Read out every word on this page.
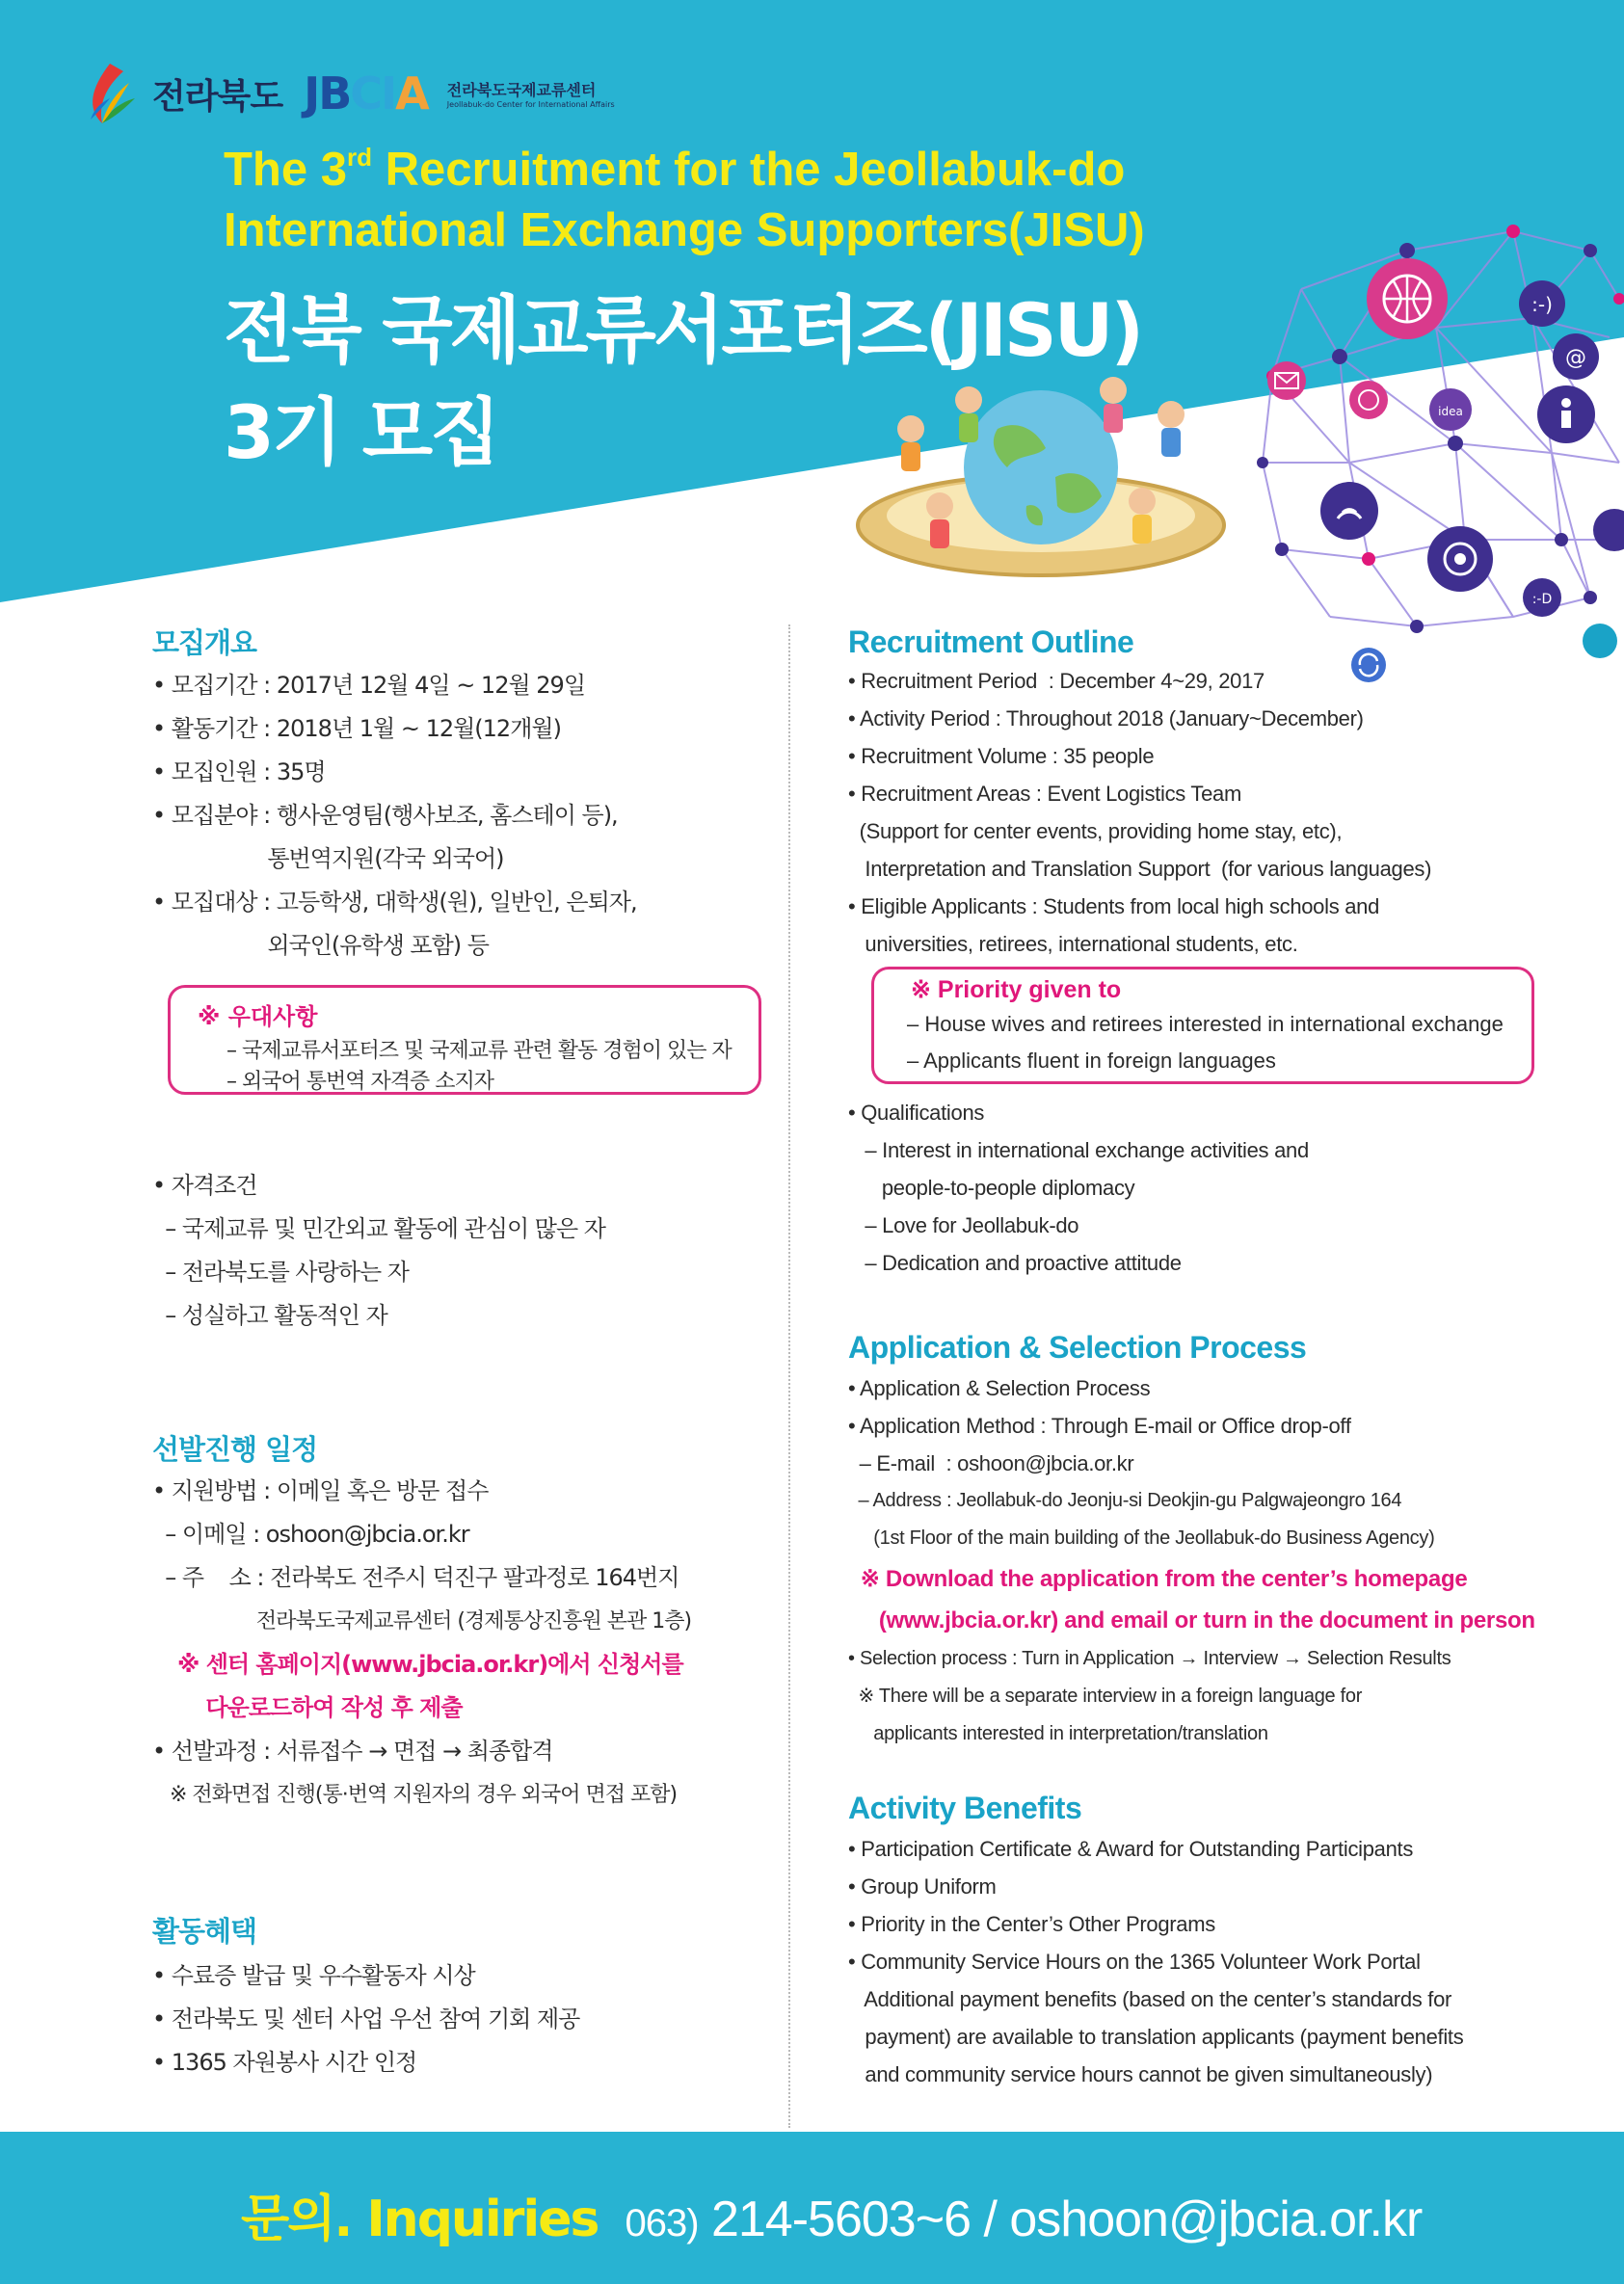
전라북도 JBCIA 전라북도국제교류센터
Jeollabuk-do Center for International Affairs
The 3rd Recruitment for the Jeollabuk-do
International Exchange Supporters(JISU)
전북 국제교류서포터즈(JISU)
3기 모집
:-)
@
idea
:-D
모집개요
• 모집기간 : 2017년 12월 4일 ~ 12월 29일
• 활동기간 : 2018년 1월 ~ 12월(12개월)
• 모집인원 : 35명
• 모집분야 : 행사운영팀(행사보조, 홈스테이 등),
통번역지원(각국 외국어)
• 모집대상 : 고등학생, 대학생(원), 일반인, 은퇴자,
외국인(유학생 포함) 등
※ 우대사항
– 국제교류서포터즈 및 국제교류 관련 활동 경험이 있는 자
– 외국어 통번역 자격증 소지자
• 자격조건
– 국제교류 및 민간외교 활동에 관심이 많은 자
– 전라북도를 사랑하는 자
– 성실하고 활동적인 자
선발진행 일정
• 지원방법 : 이메일 혹은 방문 접수
– 이메일 : oshoon@jbcia.or.kr
– 주    소 : 전라북도 전주시 덕진구 팔과정로 164번지
전라북도국제교류센터 (경제통상진흥원 본관 1층)
※ 센터 홈페이지(www.jbcia.or.kr)에서 신청서를
다운로드하여 작성 후 제출
• 선발과정 : 서류접수 → 면접 → 최종합격
※ 전화면접 진행(통·번역 지원자의 경우 외국어 면접 포함)
활동혜택
• 수료증 발급 및 우수활동자 시상
• 전라북도 및 센터 사업 우선 참여 기회 제공
• 1365 자원봉사 시간 인정
Recruitment Outline
• Recruitment Period  : December 4~29, 2017
• Activity Period : Throughout 2018 (January~December)
• Recruitment Volume : 35 people
• Recruitment Areas : Event Logistics Team
(Support for center events, providing home stay, etc),
Interpretation and Translation Support  (for various languages)
• Eligible Applicants : Students from local high schools and
universities, retirees, international students, etc.
※ Priority given to
– House wives and retirees interested in international exchange
– Applicants fluent in foreign languages
• Qualifications
– Interest in international exchange activities and
people-to-people diplomacy
– Love for Jeollabuk-do
– Dedication and proactive attitude
Application & Selection Process
• Application & Selection Process
• Application Method : Through E-mail or Office drop-off
– E-mail  : oshoon@jbcia.or.kr
– Address : Jeollabuk-do Jeonju-si Deokjin-gu Palgwajeongro 164
(1st Floor of the main building of the Jeollabuk-do Business Agency)
※ Download the application from the center’s homepage
(www.jbcia.or.kr) and email or turn in the document in person
• Selection process : Turn in Application → Interview → Selection Results
※ There will be a separate interview in a foreign language for
applicants interested in interpretation/translation
Activity Benefits
• Participation Certificate & Award for Outstanding Participants
• Group Uniform
• Priority in the Center’s Other Programs
• Community Service Hours on the 1365 Volunteer Work Portal
Additional payment benefits (based on the center’s standards for
payment) are available to translation applicants (payment benefits
and community service hours cannot be given simultaneously)
문의. Inquiries 063) 214-5603~6 / oshoon@jbcia.or.kr
